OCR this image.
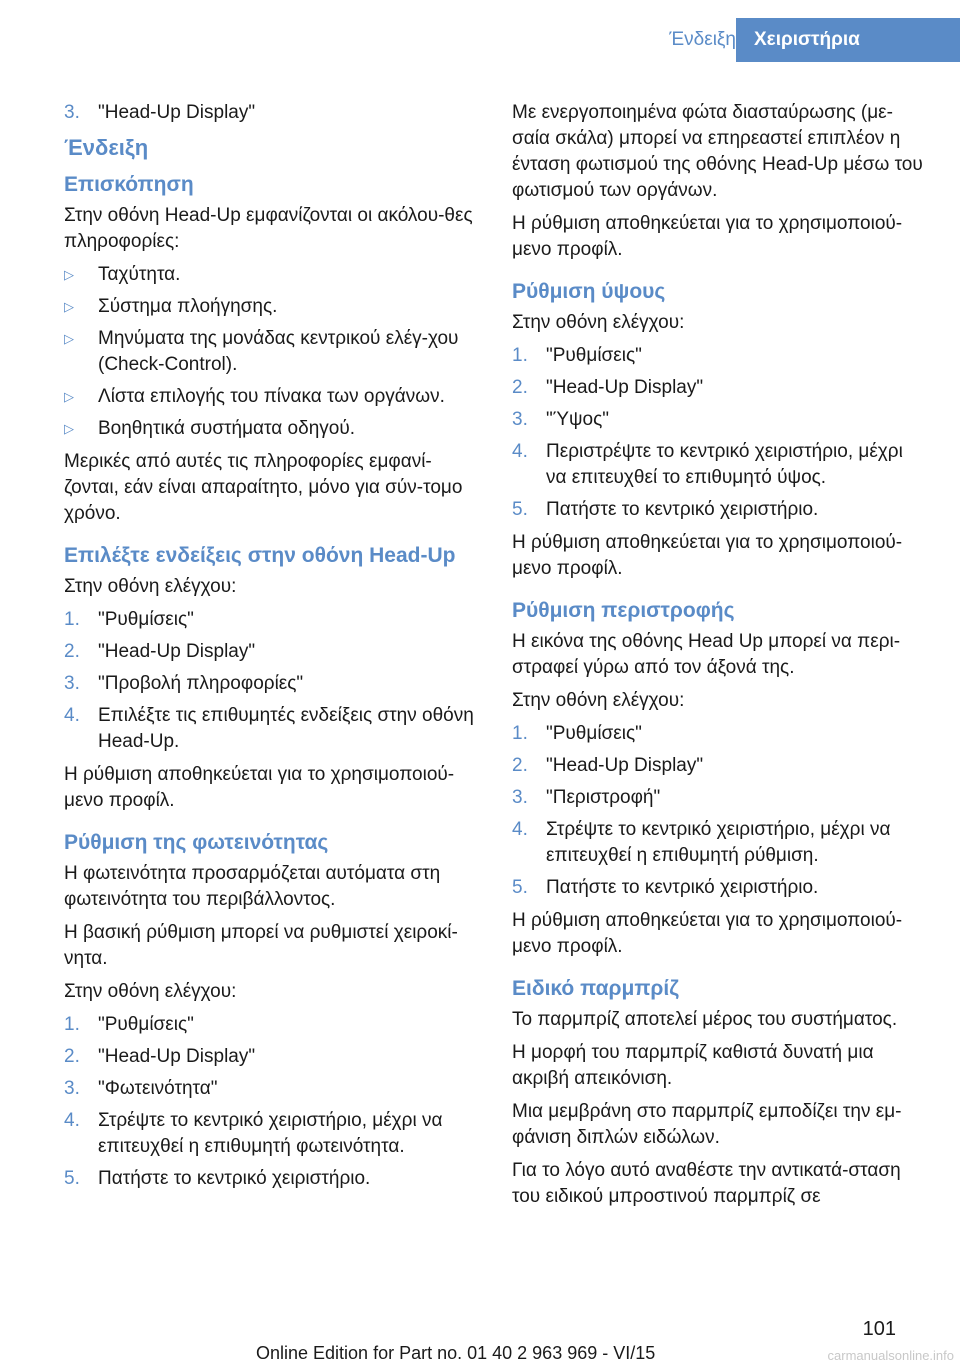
Ένδειξη Χειριστήρια
3. "Head-Up Display"
Ένδειξη
Επισκόπηση

Στην οθόνη Head-Up εμφανίζονται οι ακόλου-θες πληροφορίες:

▷ Ταχύτητα.
▷ Σύστημα πλοήγησης.
▷ Μηνύματα της μονάδας κεντρικού ελέγ-χου (Check-Control).
▷ Λίστα επιλογής του πίνακα των οργάνων.
▷ Βοηθητικά συστήματα οδηγού.

Μερικές από αυτές τις πληροφορίες εμφανί-ζονται, εάν είναι απαραίτητο, μόνο για σύν-τομο χρόνο.

Επιλέξτε ενδείξεις στην οθόνη Head-Up

Στην οθόνη ελέγχου:

1. "Ρυθμίσεις"
2. "Head-Up Display"
3. "Προβολή πληροφορίες"
4. Επιλέξτε τις επιθυμητές ενδείξεις στην οθόνη Head-Up.

Η ρύθμιση αποθηκεύεται για το χρησιμοποιού-μενο προφίλ.

Ρύθμιση της φωτεινότητας

Η φωτεινότητα προσαρμόζεται αυτόματα στη φωτεινότητα του περιβάλλοντος.

Η βασική ρύθμιση μπορεί να ρυθμιστεί χειροκί-νητα.

Στην οθόνη ελέγχου:

1. "Ρυθμίσεις"
2. "Head-Up Display"
3. "Φωτεινότητα"
4. Στρέψτε το κεντρικό χειριστήριο, μέχρι να επιτευχθεί η επιθυμητή φωτεινότητα.
5. Πατήστε το κεντρικό χειριστήριο.

Με ενεργοποιημένα φώτα διασταύρωσης (με-σαία σκάλα) μπορεί να επηρεαστεί επιπλέον η ένταση φωτισμού της οθόνης Head-Up μέσω του φωτισμού των οργάνων.

Η ρύθμιση αποθηκεύεται για το χρησιμοποιού-μενο προφίλ.

Ρύθμιση ύψους

Στην οθόνη ελέγχου:

1. "Ρυθμίσεις"
2. "Head-Up Display"
3. "Ύψος"
4. Περιστρέψτε το κεντρικό χειριστήριο, μέχρι να επιτευχθεί το επιθυμητό ύψος.
5. Πατήστε το κεντρικό χειριστήριο.

Η ρύθμιση αποθηκεύεται για το χρησιμοποιού-μενο προφίλ.

Ρύθμιση περιστροφής

Η εικόνα της οθόνης Head Up μπορεί να περι-στραφεί γύρω από τον άξονά της.

Στην οθόνη ελέγχου:

1. "Ρυθμίσεις"
2. "Head-Up Display"
3. "Περιστροφή"
4. Στρέψτε το κεντρικό χειριστήριο, μέχρι να επιτευχθεί η επιθυμητή ρύθμιση.
5. Πατήστε το κεντρικό χειριστήριο.

Η ρύθμιση αποθηκεύεται για το χρησιμοποιού-μενο προφίλ.

Ειδικό παρμπρίζ

Το παρμπρίζ αποτελεί μέρος του συστήματος.

Η μορφή του παρμπρίζ καθιστά δυνατή μια ακριβή απεικόνιση.

Μια μεμβράνη στο παρμπρίζ εμποδίζει την εμ-φάνιση διπλών ειδώλων.

Για το λόγο αυτό αναθέστε την αντικατά-σταση του ειδικού μπροστινού παρμπρίζ σε

101
Online Edition for Part no. 01 40 2 963 969 - VI/15	carmanualsonline.info
